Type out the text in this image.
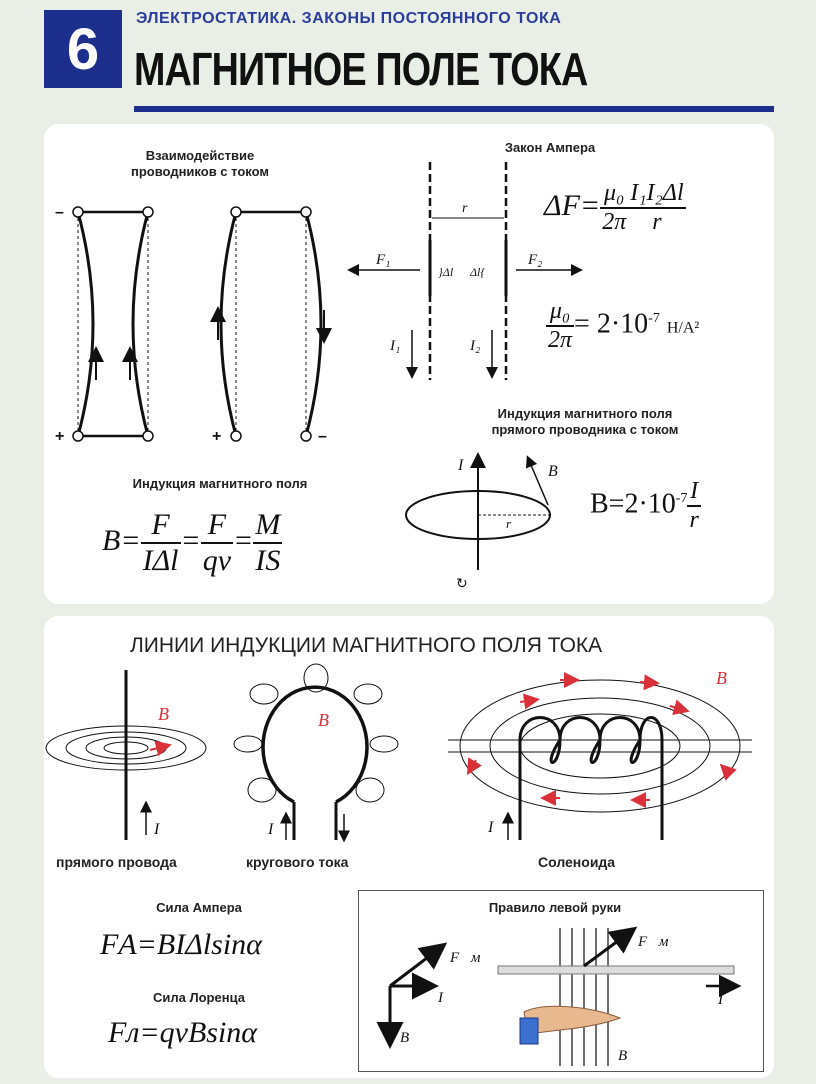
6	ЭЛЕКТРОСТАТИКА. ЗАКОНЫ ПОСТОЯННОГО ТОКА
МАГНИТНОЕ ПОЛЕ ТОКА
Взаимодействие
проводников с током
Закон Ампера
–
+	+	–
r
F₁	F₂
I₁	I₂
}Δl Δl{
I	B⃗
r
↻
$\Delta F= \frac{\text{μ₀}}{2\pi} \frac{\text{I₁I₂Δl}}{r}$
$\frac{\text{μ₀}}{2\pi} = 2\cdot 10^{-7}$ Н/А²
Индукция магнитного поля
прямого проводника с током
$B=2\cdot 10^{-7} \frac{I}{r}$
Индукция магнитного поля
$B= \frac{F}{\text{IΔl}} = \frac{F}{qv} = \frac{M}{IS}$
ЛИНИИ ИНДУКЦИИ МАГНИТНОГО ПОЛЯ ТОКА
B⃗
I
B⃗
I
B⃗
I
прямого провода	кругового тока	Соленоида
Сила Ампера
FА=BIΔlsinα
Сила Лоренца
Fл=qvBsinα
Правило левой руки
F⃗м
I
B⃗
F⃗м
I
B⃗
